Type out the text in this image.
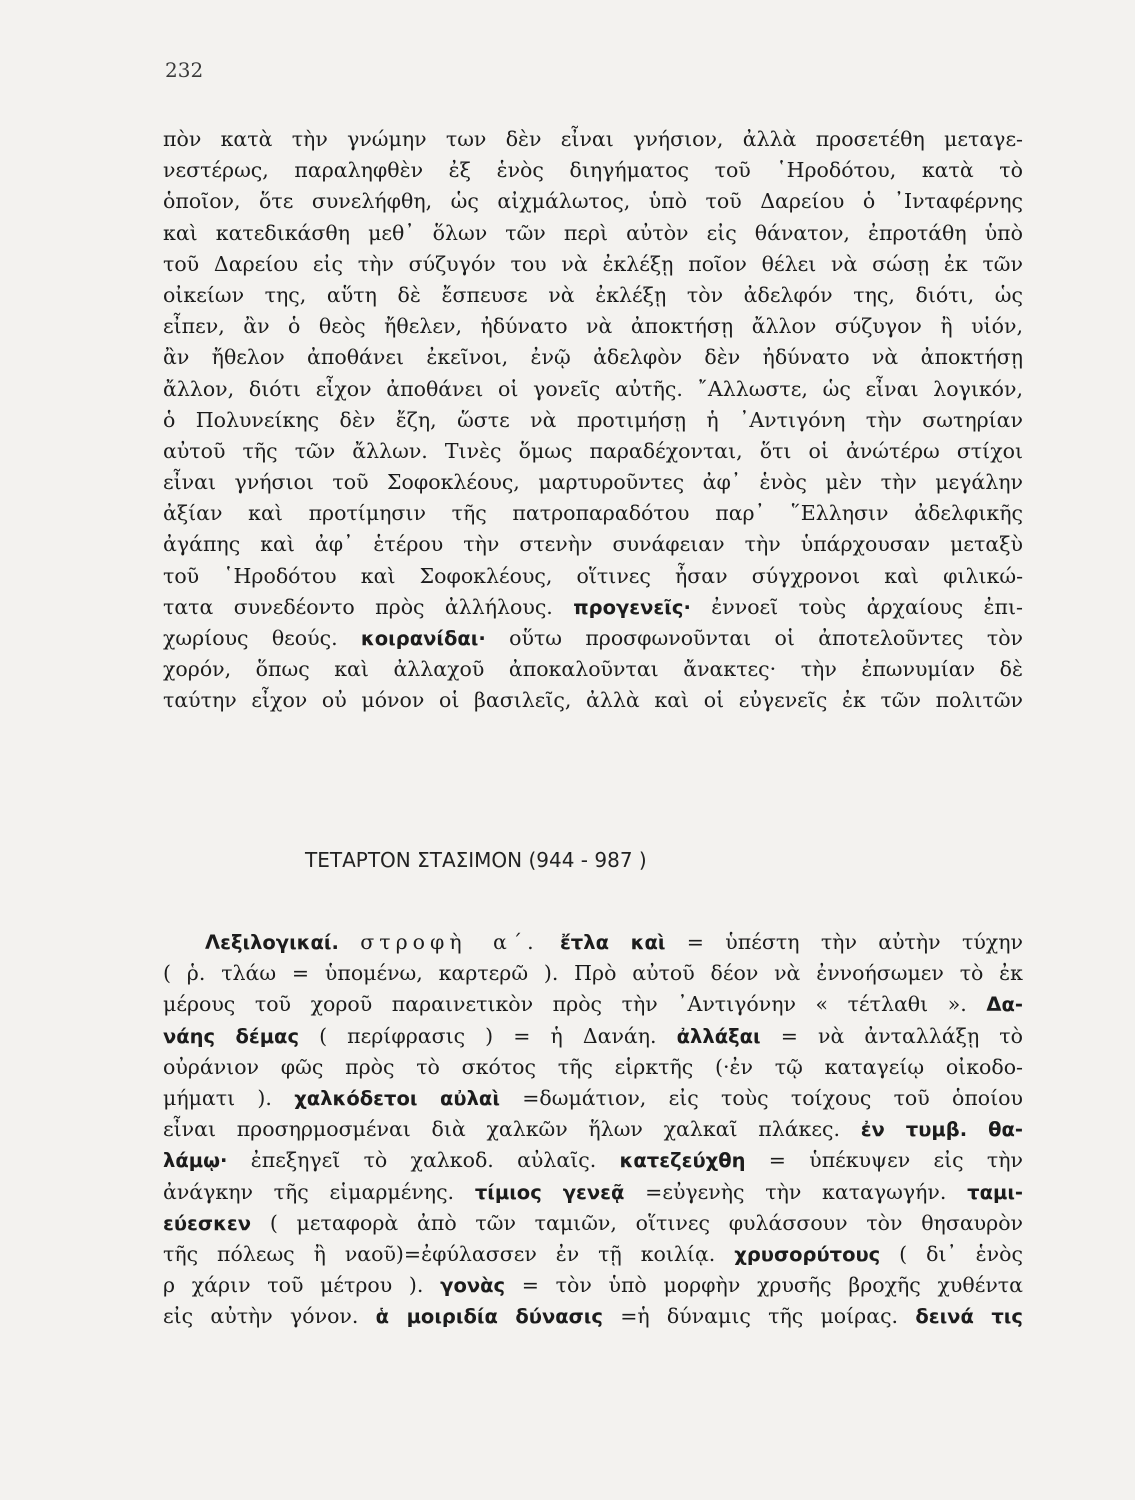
232
πὸν κατὰ τὴν γνώμην των δὲν εἶναι γνήσιον, ἀλλὰ προσετέθη μεταγε-
νεστέρως, παραληφθὲν ἐξ ἑνὸς διηγήματος τοῦ ῾Ηροδότου, κατὰ τὸ
ὁποῖον, ὅτε συνελήφθη, ὡς αἰχμάλωτος, ὑπὸ τοῦ Δαρείου ὁ ᾿Ινταφέρνης
καὶ κατεδικάσθη μεθ᾿ ὅλων τῶν περὶ αὐτὸν εἰς θάνατον, ἐπροτάθη ὑπὸ
τοῦ Δαρείου εἰς τὴν σύζυγόν του νὰ ἐκλέξῃ ποῖον θέλει νὰ σώσῃ ἐκ τῶν
οἰκείων της, αὕτη δὲ ἔσπευσε νὰ ἐκλέξῃ τὸν ἀδελφόν της, διότι, ὡς
εἶπεν, ἂν ὁ θεὸς ἤθελεν, ἠδύνατο νὰ ἀποκτήσῃ ἄλλον σύζυγον ἢ υἱόν,
ἂν ἤθελον ἀποθάνει ἐκεῖνοι, ἐνῷ ἀδελφὸν δὲν ἠδύνατο νὰ ἀποκτήσῃ
ἄλλον, διότι εἶχον ἀποθάνει οἱ γονεῖς αὐτῆς. ῎Αλλωστε, ὡς εἶναι λογικόν,
ὁ Πολυνείκης δὲν ἔζη, ὥστε νὰ προτιμήσῃ ἡ ᾿Αντιγόνη τὴν σωτηρίαν
αὐτοῦ τῆς τῶν ἄλλων. Τινὲς ὅμως παραδέχονται, ὅτι οἱ ἀνώτέρω στίχοι
εἶναι γνήσιοι τοῦ Σοφοκλέους, μαρτυροῦντες ἀφ᾿ ἑνὸς μὲν τὴν μεγάλην
ἀξίαν καὶ προτίμησιν τῆς πατροπαραδότου παρ᾿ ῞Ελλησιν ἀδελφικῆς
ἀγάπης καὶ ἀφ᾿ ἑτέρου τὴν στενὴν συνάφειαν τὴν ὑπάρχουσαν μεταξὺ
τοῦ ῾Ηροδότου καὶ Σοφοκλέους, οἵτινες ἦσαν σύγχρονοι καὶ φιλικώ-
τατα συνεδέοντο πρὸς ἀλλήλους. προγενεῖς· ἐννοεῖ τοὺς ἀρχαίους ἐπι-
χωρίους θεούς. κοιρανίδαι· οὕτω προσφωνοῦνται οἱ ἀποτελοῦντες τὸν
χορόν, ὅπως καὶ ἀλλαχοῦ ἀποκαλοῦνται ἄνακτες· τὴν ἐπωνυμίαν δὲ
ταύτην εἶχον οὐ μόνον οἱ βασιλεῖς, ἀλλὰ καὶ οἱ εὐγενεῖς ἐκ τῶν πολιτῶν
ΤΕΤΑΡΤΟΝ ΣΤΑΣΙΜΟΝ (944 - 987 )
Λεξιλογικαί. στροφὴ α΄. ἔτλα καὶ = ὑπέστη τὴν αὐτὴν τύχην
( ῥ. τλάω = ὑπομένω, καρτερῶ ). Πρὸ αὐτοῦ δέον νὰ ἐννοήσωμεν τὸ ἐκ
μέρους τοῦ χοροῦ παραινετικὸν πρὸς τὴν ᾿Αντιγόνην « τέτλαθι ». Δα-
νάης δέμας ( περίφρασις ) = ἡ Δανάη. ἀλλάξαι = νὰ ἀνταλλάξῃ τὸ
οὐράνιον φῶς πρὸς τὸ σκότος τῆς εἱρκτῆς (·ἐν τῷ καταγείῳ οἰκοδο-
μήματι ). χαλκόδετοι αὐλαὶ =δωμάτιον, εἰς τοὺς τοίχους τοῦ ὁποίου
εἶναι προσηρμοσμέναι διὰ χαλκῶν ἥλων χαλκαῖ πλάκες. ἐν τυμβ. θα-
λάμῳ· ἐπεξηγεῖ τὸ χαλκοδ. αὐλαῖς. κατεζεύχθη = ὑπέκυψεν εἰς τὴν
ἀνάγκην τῆς εἱμαρμένης. τίμιος γενεᾷ =εὐγενὴς τὴν καταγωγήν. ταμι-
εύεσκεν ( μεταφορὰ ἀπὸ τῶν ταμιῶν, οἵτινες φυλάσσουν τὸν θησαυρὸν
τῆς πόλεως ἢ ναοῦ)=ἐφύλασσεν ἐν τῇ κοιλίᾳ. χρυσορύτους ( δι᾿ ἑνὸς
ρ χάριν τοῦ μέτρου ). γονὰς = τὸν ὑπὸ μορφὴν χρυσῆς βροχῆς χυθέντα
εἰς αὐτὴν γόνον. ἁ μοιριδία δύνασις =ἡ δύναμις τῆς μοίρας. δεινά τις
